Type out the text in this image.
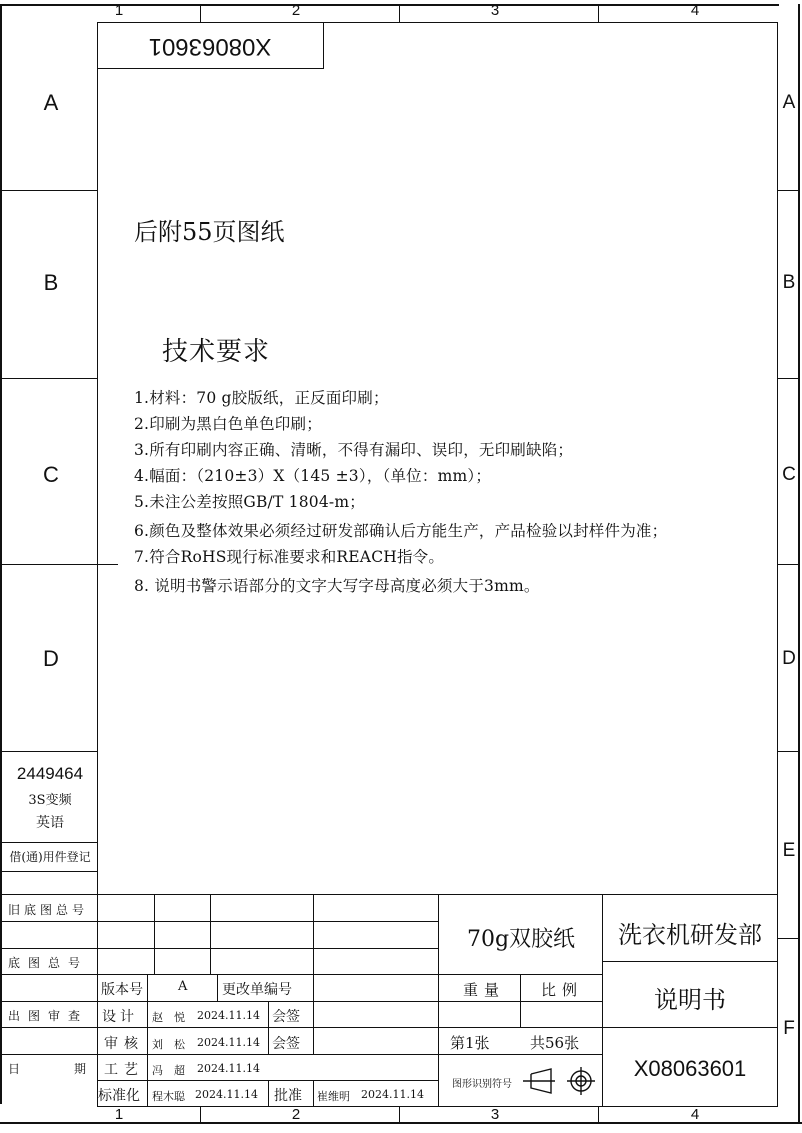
1	2	3	4
1	2	3	4
A
B
C
D
A
B
C
D
E
F
X08063601
后附55页图纸
技术要求
1.材料：70 g胶版纸，正反面印刷；
2.印刷为黑白色单色印刷；
3.所有印刷内容正确、清晰，不得有漏印、误印，无印刷缺陷；
4.幅面：（210±3）X（145 ±3），（单位：mm）；
5.未注公差按照GB/T 1804-m；
6.颜色及整体效果必须经过研发部确认后方能生产，产品检验以封样件为准；
7.符合RoHS现行标准要求和REACH指令。
8. 说明书警示语部分的文字大写字母高度必须大于3mm。
2449464
3S变频
英语
借(通)用件登记
旧底图总号
底图总号
出图审查
日　　期
版本号	A 更改单编号
设计 赵　悦 2024.11.14 会签
审核 刘　松 2024.11.14 会签
工艺 冯　超 2024.11.14
标准化 程木聪 2024.11.14 批准 崔维明 2024.11.14
70g双胶纸
重量 比例
第1张	共56张
图形识别符号
洗衣机研发部
说明书
X08063601
